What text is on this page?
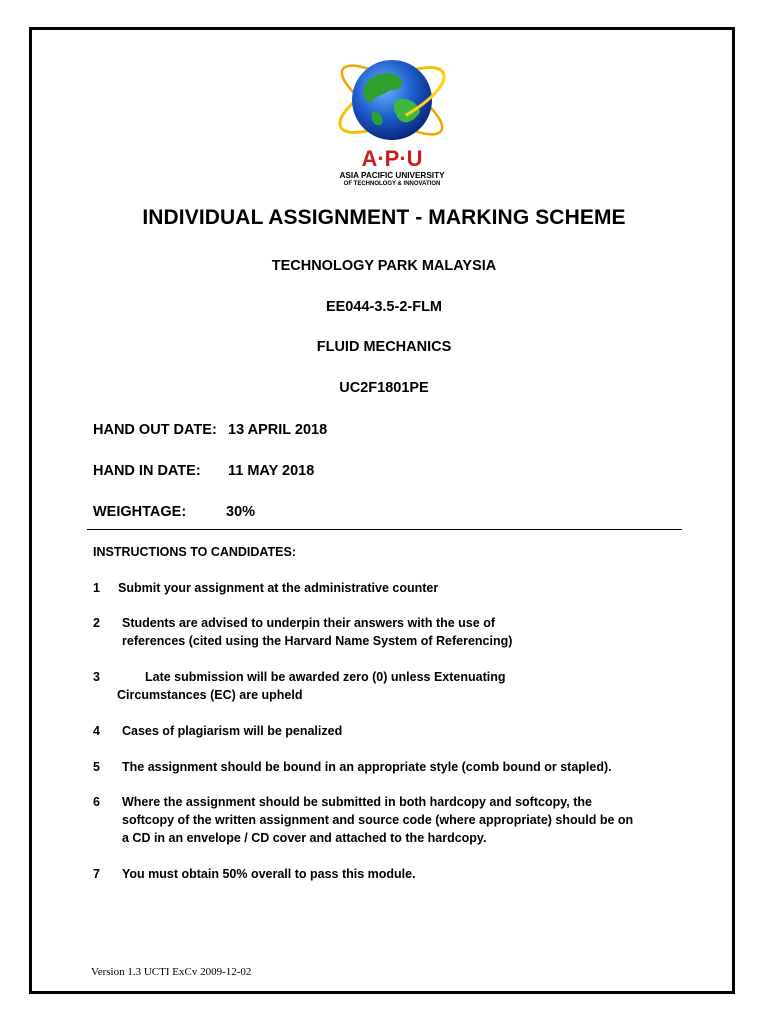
A·P·U
ASIA PACIFIC UNIVERSITY
OF TECHNOLOGY & INNOVATION
INDIVIDUAL ASSIGNMENT - MARKING SCHEME
TECHNOLOGY PARK MALAYSIA
EE044-3.5-2-FLM
FLUID MECHANICS
UC2F1801PE
HAND OUT DATE: 13 APRIL 2018
HAND IN DATE: 11 MAY 2018
WEIGHTAGE:	30%
INSTRUCTIONS TO CANDIDATES:
1 Submit your assignment at the administrative counter
2 Students are advised to underpin their answers with the use of
references (cited using the Harvard Name System of Referencing)
3	Late submission will be awarded zero (0) unless Extenuating
Circumstances (EC) are upheld
4 Cases of plagiarism will be penalized
5 The assignment should be bound in an appropriate style (comb bound or stapled).
6 Where the assignment should be submitted in both hardcopy and softcopy, the
softcopy of the written assignment and source code (where appropriate) should be on
a CD in an envelope / CD cover and attached to the hardcopy.
7 You must obtain 50% overall to pass this module.
Version 1.3 UCTI ExCv 2009-12-02
